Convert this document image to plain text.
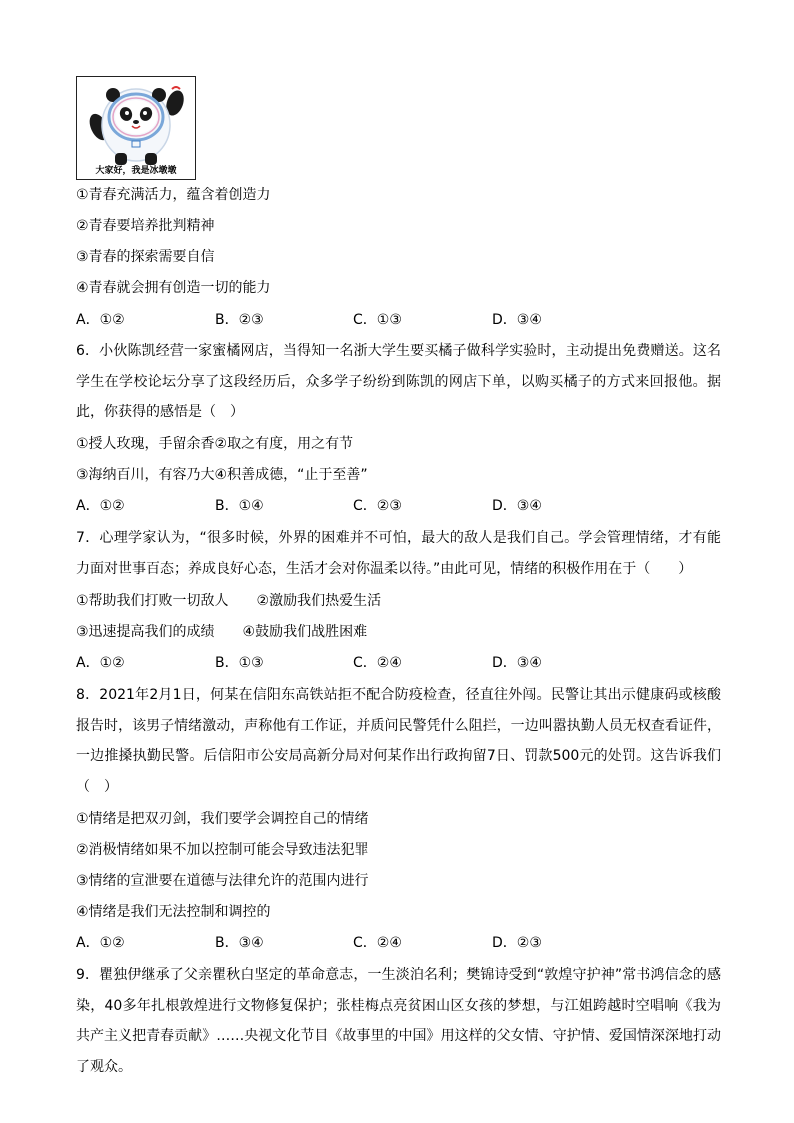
大家好，我是冰墩墩
①青春充满活力，蕴含着创造力
②青春要培养批判精神
③青春的探索需要自信
④青春就会拥有创造一切的能力
A．①②	B．②③	C．①③	D．③④
6．小伙陈凯经营一家蜜橘网店，当得知一名浙大学生要买橘子做科学实验时，主动提出免费赠送。这名学生在学校论坛分享了这段经历后，众多学子纷纷到陈凯的网店下单，以购买橘子的方式来回报他。据此，你获得的感悟是（　）
①授人玫瑰，手留余香②取之有度，用之有节
③海纳百川，有容乃大④积善成德，“止于至善”
A．①②	B．①④	C．②③	D．③④
7．心理学家认为，“很多时候，外界的困难并不可怕，最大的敌人是我们自己。学会管理情绪，才有能力面对世事百态；养成良好心态，生活才会对你温柔以待。”由此可见，情绪的积极作用在于（　　）
①帮助我们打败一切敌人　　②激励我们热爱生活
③迅速提高我们的成绩　　④鼓励我们战胜困难
A．①②	B．①③	C．②④	D．③④
8．2021年2月1日，何某在信阳东高铁站拒不配合防疫检查，径直往外闯。民警让其出示健康码或核酸报告时，该男子情绪激动，声称他有工作证，并质问民警凭什么阻拦，一边叫嚣执勤人员无权查看证件，一边推搡执勤民警。后信阳市公安局高新分局对何某作出行政拘留7日、罚款500元的处罚。这告诉我们（　）
①情绪是把双刃剑，我们要学会调控自己的情绪
②消极情绪如果不加以控制可能会导致违法犯罪
③情绪的宣泄要在道德与法律允许的范围内进行
④情绪是我们无法控制和调控的
A．①②	B．③④	C．②④	D．②③
9．瞿独伊继承了父亲瞿秋白坚定的革命意志，一生淡泊名利；樊锦诗受到“敦煌守护神”常书鸿信念的感染，40多年扎根敦煌进行文物修复保护；张桂梅点亮贫困山区女孩的梦想，与江姐跨越时空唱响《我为共产主义把青春贡献》……央视文化节目《故事里的中国》用这样的父女情、守护情、爱国情深深地打动了观众。
